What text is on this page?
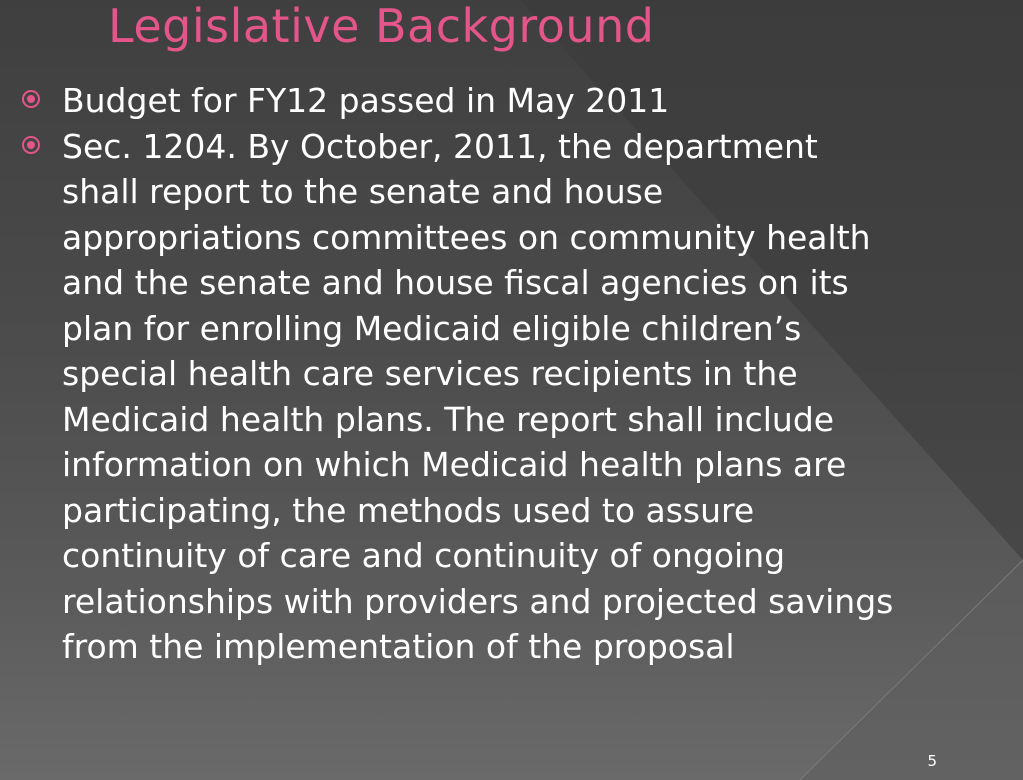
Legislative Background
Budget for FY12 passed in May 2011
Sec. 1204. By October, 2011, the department shall report to the senate and house appropriations committees on community health and the senate and house fiscal agencies on its plan for enrolling Medicaid eligible children’s special health care services recipients in the Medicaid health plans. The report shall include information on which Medicaid health plans are participating, the methods used to assure continuity of care and continuity of ongoing relationships with providers and projected savings from the implementation of the proposal
5
